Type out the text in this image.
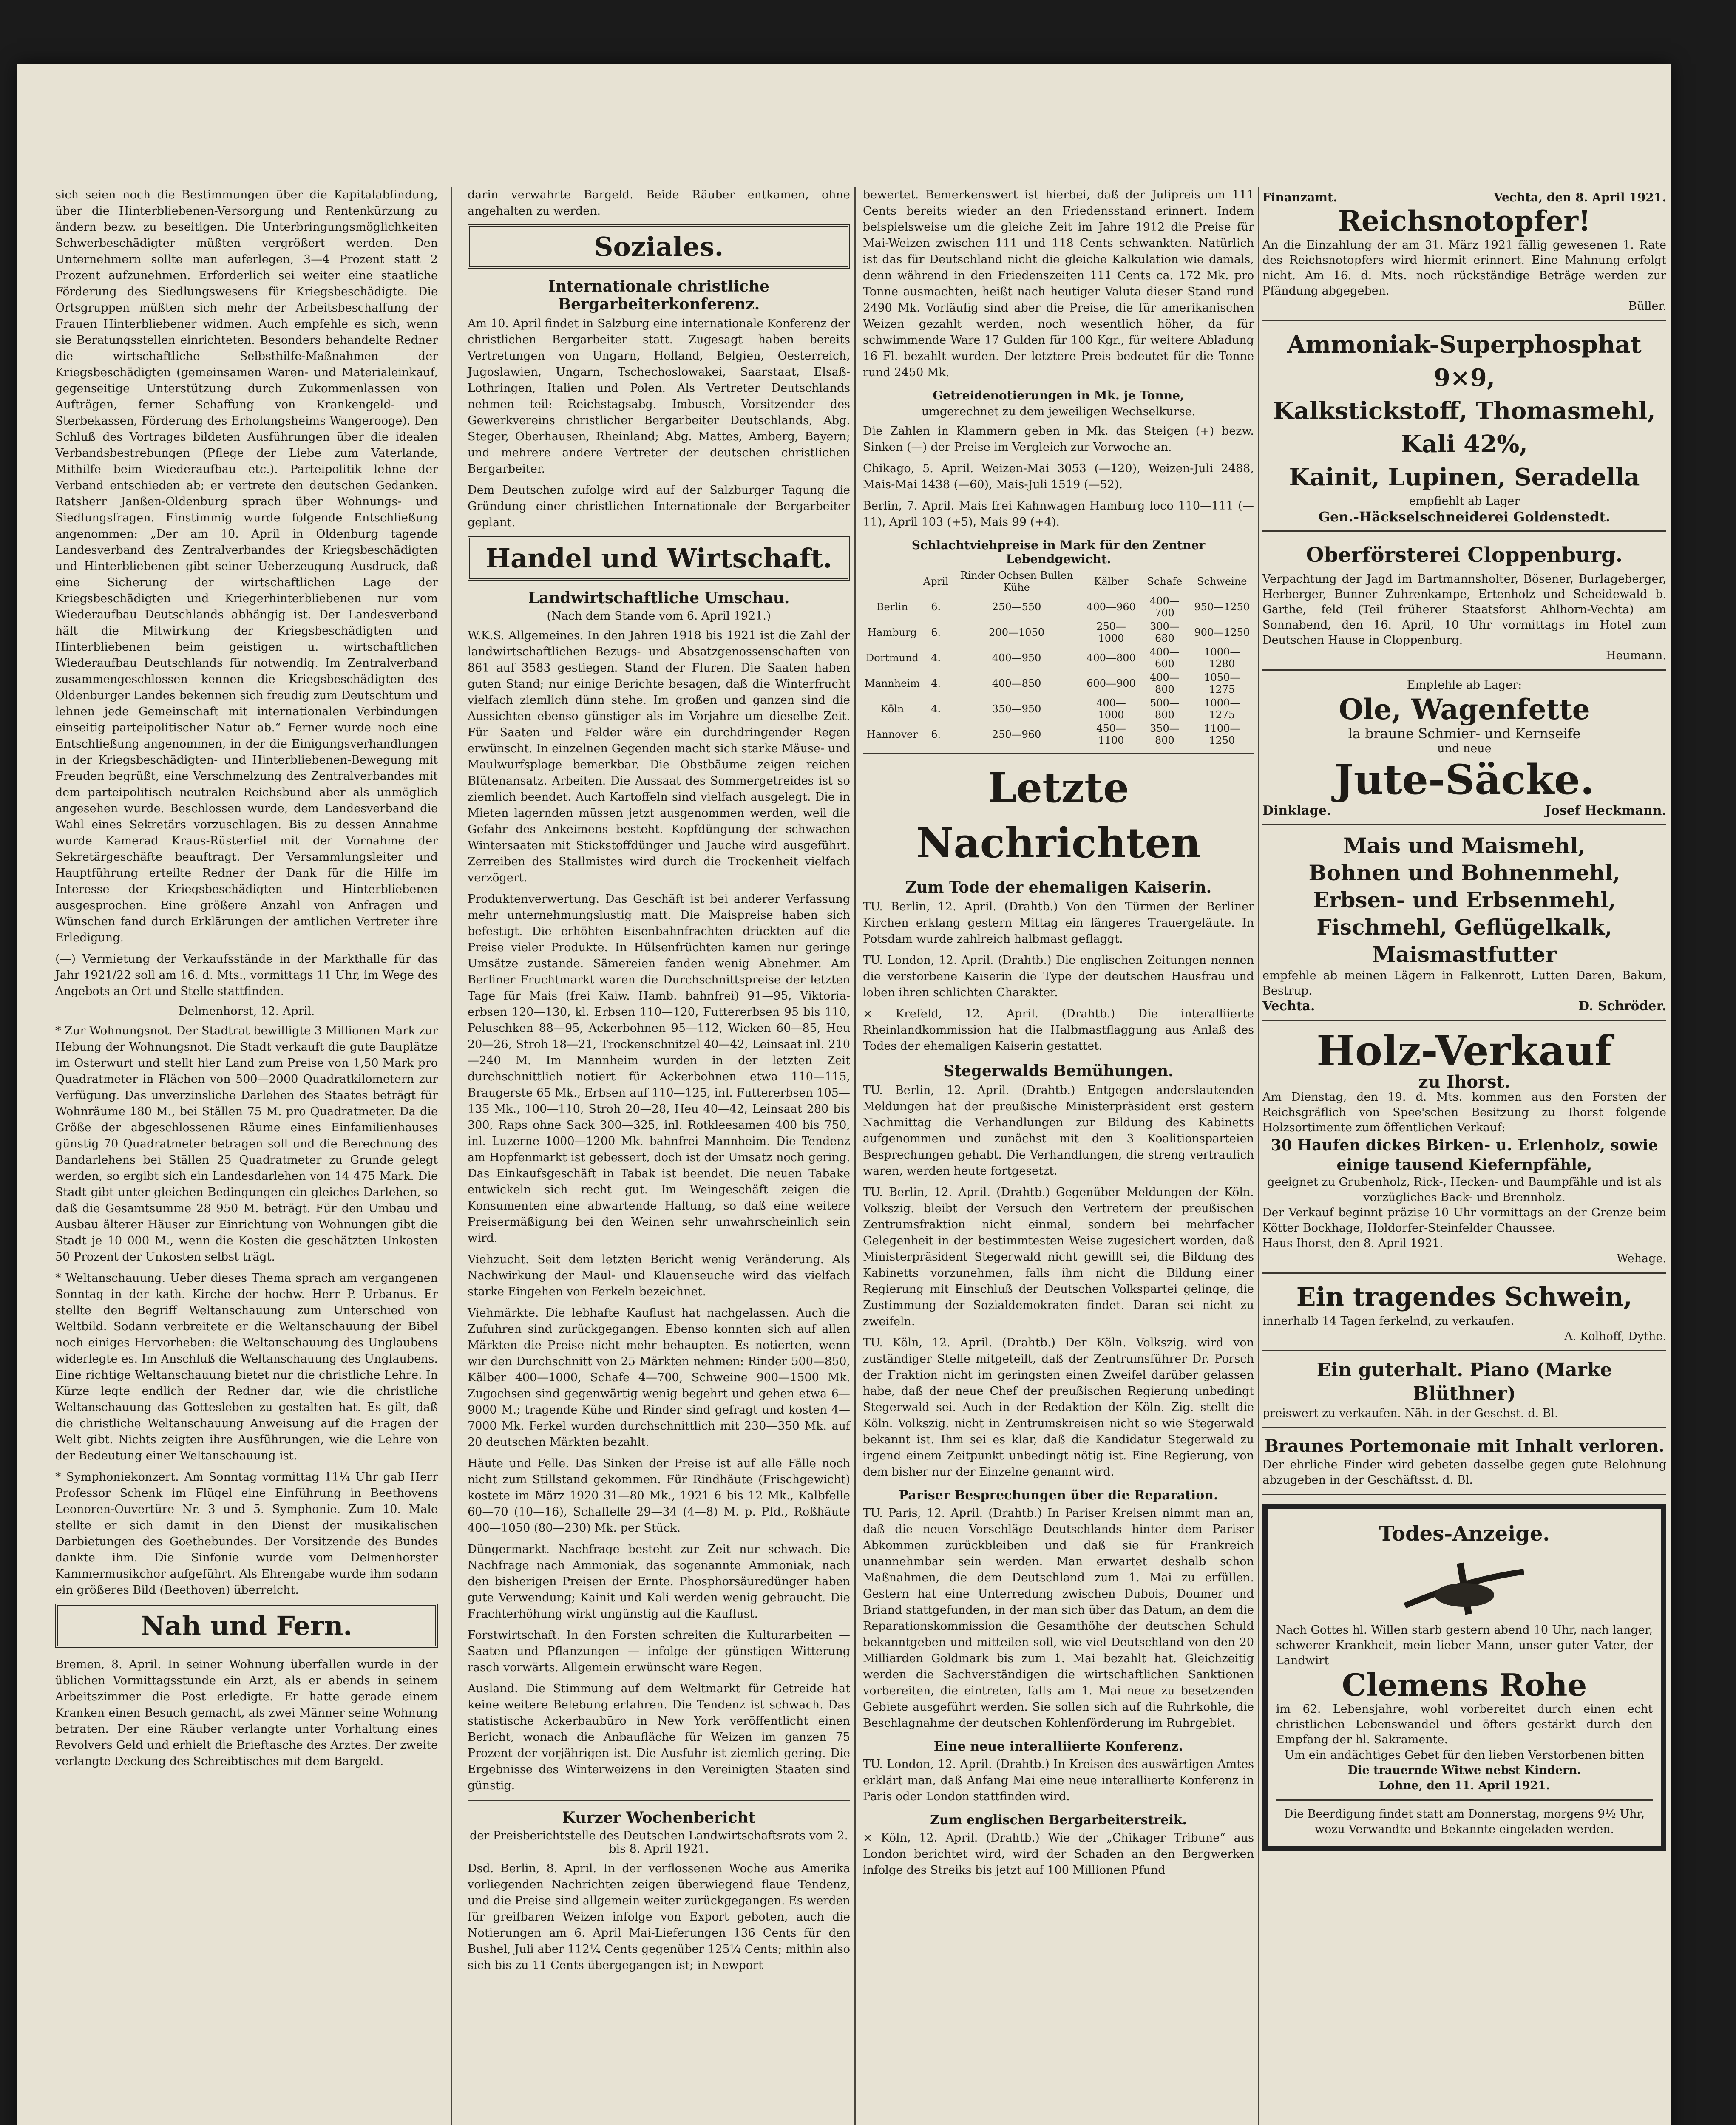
sich seien noch die Bestimmungen über die Kapitalabfindung, über die Hinterbliebenen-Versorgung und Rentenkürzung zu ändern bezw. zu beseitigen. Die Unterbringungsmöglichkeiten Schwerbeschädigter müßten vergrößert werden. Den Unternehmern sollte man auferlegen, 3—4 Prozent statt 2 Prozent aufzunehmen. Erforderlich sei weiter eine staatliche Förderung des Siedlungswesens für Kriegsbeschädigte. Die Ortsgruppen müßten sich mehr der Arbeitsbeschaffung der Frauen Hinterbliebener widmen. Auch empfehle es sich, wenn sie Beratungsstellen einrichteten. Besonders behandelte Redner die wirtschaftliche Selbsthilfe-Maßnahmen der Kriegsbeschädigten (gemeinsamen Waren- und Materialeinkauf, gegenseitige Unterstützung durch Zukommenlassen von Aufträgen, ferner Schaffung von Krankengeld- und Sterbekassen, Förderung des Erholungsheims Wangerooge). Den Schluß des Vortrages bildeten Ausführungen über die idealen Verbandsbestrebungen (Pflege der Liebe zum Vaterlande, Mithilfe beim Wiederaufbau etc.). Parteipolitik lehne der Verband entschieden ab; er vertrete den deutschen Gedanken. Ratsherr Janßen-Oldenburg sprach über Wohnungs- und Siedlungsfragen. Einstimmig wurde folgende Entschließung angenommen: „Der am 10. April in Oldenburg tagende Landesverband des Zentralverbandes der Kriegsbeschädigten und Hinterbliebenen gibt seiner Ueberzeugung Ausdruck, daß eine Sicherung der wirtschaftlichen Lage der Kriegsbeschädigten und Kriegerhinterbliebenen nur vom Wiederaufbau Deutschlands abhängig ist. Der Landesverband hält die Mitwirkung der Kriegsbeschädigten und Hinterbliebenen beim geistigen u. wirtschaftlichen Wiederaufbau Deutschlands für notwendig. Im Zentralverband zusammengeschlossen kennen die Kriegsbeschädigten des Oldenburger Landes bekennen sich freudig zum Deutschtum und lehnen jede Gemeinschaft mit internationalen Verbindungen einseitig parteipolitischer Natur ab.“ Ferner wurde noch eine Entschließung angenommen, in der die Einigungsverhandlungen in der Kriegsbeschädigten- und Hinterbliebenen-Bewegung mit Freuden begrüßt, eine Verschmelzung des Zentralverbandes mit dem parteipolitisch neutralen Reichsbund aber als unmöglich angesehen wurde. Beschlossen wurde, dem Landesverband die Wahl eines Sekretärs vorzuschlagen. Bis zu dessen Annahme wurde Kamerad Kraus-Rüsterfiel mit der Vornahme der Sekretärgeschäfte beauftragt. Der Versammlungsleiter und Hauptführung erteilte Redner der Dank für die Hilfe im Interesse der Kriegsbeschädigten und Hinterbliebenen ausgesprochen. Eine größere Anzahl von Anfragen und Wünschen fand durch Erklärungen der amtlichen Vertreter ihre Erledigung.

(—) Vermietung der Verkaufsstände in der Markthalle für das Jahr 1921/22 soll am 16. d. Mts., vormittags 11 Uhr, im Wege des Angebots an Ort und Stelle stattfinden.

Delmenhorst, 12. April.

* Zur Wohnungsnot. Der Stadtrat bewilligte 3 Millionen Mark zur Hebung der Wohnungsnot. Die Stadt verkauft die gute Bauplätze im Osterwurt und stellt hier Land zum Preise von 1,50 Mark pro Quadratmeter in Flächen von 500—2000 Quadratkilometern zur Verfügung. Das unverzinsliche Darlehen des Staates beträgt für Wohnräume 180 M., bei Ställen 75 M. pro Quadratmeter. Da die Größe der abgeschlossenen Räume eines Einfamilienhauses günstig 70 Quadratmeter betragen soll und die Berechnung des Bandarlehens bei Ställen 25 Quadratmeter zu Grunde gelegt werden, so ergibt sich ein Landesdarlehen von 14 475 Mark. Die Stadt gibt unter gleichen Bedingungen ein gleiches Darlehen, so daß die Gesamtsumme 28 950 M. beträgt. Für den Umbau und Ausbau älterer Häuser zur Einrichtung von Wohnungen gibt die Stadt je 10 000 M., wenn die Kosten die geschätzten Unkosten 50 Prozent der Unkosten selbst trägt.

* Weltanschauung. Ueber dieses Thema sprach am vergangenen Sonntag in der kath. Kirche der hochw. Herr P. Urbanus. Er stellte den Begriff Weltanschauung zum Unterschied von Weltbild. Sodann verbreitete er die Weltanschauung der Bibel noch einiges Hervorheben: die Weltanschauung des Unglaubens widerlegte es. Im Anschluß die Weltanschauung des Unglaubens. Eine richtige Weltanschauung bietet nur die christliche Lehre. In Kürze legte endlich der Redner dar, wie die christliche Weltanschauung das Gottesleben zu gestalten hat. Es gilt, daß die christliche Weltanschauung Anweisung auf die Fragen der Welt gibt. Nichts zeigten ihre Ausführungen, wie die Lehre von der Bedeutung einer Weltanschauung ist.

* Symphoniekonzert. Am Sonntag vormittag 11¼ Uhr gab Herr Professor Schenk im Flügel eine Einführung in Beethovens Leonoren-Ouvertüre Nr. 3 und 5. Symphonie. Zum 10. Male stellte er sich damit in den Dienst der musikalischen Darbietungen des Goethebundes. Der Vorsitzende des Bundes dankte ihm. Die Sinfonie wurde vom Delmenhorster Kammermusikchor aufgeführt. Als Ehrengabe wurde ihm sodann ein größeres Bild (Beethoven) überreicht.

Nah und Fern.

Bremen, 8. April. In seiner Wohnung überfallen wurde in der üblichen Vormittagsstunde ein Arzt, als er abends in seinem Arbeitszimmer die Post erledigte. Er hatte gerade einem Kranken einen Besuch gemacht, als zwei Männer seine Wohnung betraten. Der eine Räuber verlangte unter Vorhaltung eines Revolvers Geld und erhielt die Brieftasche des Arztes. Der zweite verlangte Deckung des Schreibtisches mit dem Bargeld.

darin verwahrte Bargeld. Beide Räuber entkamen, ohne angehalten zu werden.

Soziales.
Internationale christliche Bergarbeiterkonferenz.

Am 10. April findet in Salzburg eine internationale Konferenz der christlichen Bergarbeiter statt. Zugesagt haben bereits Vertretungen von Ungarn, Holland, Belgien, Oesterreich, Jugoslawien, Ungarn, Tschechoslowakei, Saarstaat, Elsaß-Lothringen, Italien und Polen. Als Vertreter Deutschlands nehmen teil: Reichstagsabg. Imbusch, Vorsitzender des Gewerkvereins christlicher Bergarbeiter Deutschlands, Abg. Steger, Oberhausen, Rheinland; Abg. Mattes, Amberg, Bayern; und mehrere andere Vertreter der deutschen christlichen Bergarbeiter.

Dem Deutschen zufolge wird auf der Salzburger Tagung die Gründung einer christlichen Internationale der Bergarbeiter geplant.

Handel und Wirtschaft.
Landwirtschaftliche Umschau.
(Nach dem Stande vom 6. April 1921.)

W.K.S. Allgemeines. In den Jahren 1918 bis 1921 ist die Zahl der landwirtschaftlichen Bezugs- und Absatzgenossenschaften von 861 auf 3583 gestiegen. Stand der Fluren. Die Saaten haben guten Stand; nur einige Berichte besagen, daß die Winterfrucht vielfach ziemlich dünn stehe. Im großen und ganzen sind die Aussichten ebenso günstiger als im Vorjahre um dieselbe Zeit. Für Saaten und Felder wäre ein durchdringender Regen erwünscht. In einzelnen Gegenden macht sich starke Mäuse- und Maulwurfsplage bemerkbar. Die Obstbäume zeigen reichen Blütenansatz. Arbeiten. Die Aussaat des Sommergetreides ist so ziemlich beendet. Auch Kartoffeln sind vielfach ausgelegt. Die in Mieten lagernden müssen jetzt ausgenommen werden, weil die Gefahr des Ankeimens besteht. Kopfdüngung der schwachen Wintersaaten mit Stickstoffdünger und Jauche wird ausgeführt. Zerreiben des Stallmistes wird durch die Trockenheit vielfach verzögert.

Produktenverwertung. Das Geschäft ist bei anderer Verfassung mehr unternehmungslustig matt. Die Maispreise haben sich befestigt. Die erhöhten Eisenbahnfrachten drückten auf die Preise vieler Produkte. In Hülsenfrüchten kamen nur geringe Umsätze zustande. Sämereien fanden wenig Abnehmer. Am Berliner Fruchtmarkt waren die Durchschnittspreise der letzten Tage für Mais (frei Kaiw. Hamb. bahnfrei) 91—95, Viktoria-erbsen 120—130, kl. Erbsen 110—120, Futtererbsen 95 bis 110, Peluschken 88—95, Ackerbohnen 95—112, Wicken 60—85, Heu 20—26, Stroh 18—21, Trockenschnitzel 40—42, Leinsaat inl. 210—240 M. Im Mannheim wurden in der letzten Zeit durchschnittlich notiert für Ackerbohnen etwa 110—115, Braugerste 65 Mk., Erbsen auf 110—125, inl. Futtererbsen 105—135 Mk., 100—110, Stroh 20—28, Heu 40—42, Leinsaat 280 bis 300, Raps ohne Sack 300—325, inl. Rotkleesamen 400 bis 750, inl. Luzerne 1000—1200 Mk. bahnfrei Mannheim. Die Tendenz am Hopfenmarkt ist gebessert, doch ist der Umsatz noch gering. Das Einkaufsgeschäft in Tabak ist beendet. Die neuen Tabake entwickeln sich recht gut. Im Weingeschäft zeigen die Konsumenten eine abwartende Haltung, so daß eine weitere Preisermäßigung bei den Weinen sehr unwahrscheinlich sein wird.

Viehzucht. Seit dem letzten Bericht wenig Veränderung. Als Nachwirkung der Maul- und Klauenseuche wird das vielfach starke Eingehen von Ferkeln bezeichnet.

Viehmärkte. Die lebhafte Kauflust hat nachgelassen. Auch die Zufuhren sind zurückgegangen. Ebenso konnten sich auf allen Märkten die Preise nicht mehr behaupten. Es notierten, wenn wir den Durchschnitt von 25 Märkten nehmen: Rinder 500—850, Kälber 400—1000, Schafe 4—700, Schweine 900—1500 Mk. Zugochsen sind gegenwärtig wenig begehrt und gehen etwa 6—9000 M.; tragende Kühe und Rinder sind gefragt und kosten 4—7000 Mk. Ferkel wurden durchschnittlich mit 230—350 Mk. auf 20 deutschen Märkten bezahlt.

Häute und Felle. Das Sinken der Preise ist auf alle Fälle noch nicht zum Stillstand gekommen. Für Rindhäute (Frischgewicht) kostete im März 1920 31—80 Mk., 1921 6 bis 12 Mk., Kalbfelle 60—70 (10—16), Schaffelle 29—34 (4—8) M. p. Pfd., Roßhäute 400—1050 (80—230) Mk. per Stück.

Düngermarkt. Nachfrage besteht zur Zeit nur schwach. Die Nachfrage nach Ammoniak, das sogenannte Ammoniak, nach den bisherigen Preisen der Ernte. Phosphorsäuredünger haben gute Verwendung; Kainit und Kali werden wenig gebraucht. Die Frachterhöhung wirkt ungünstig auf die Kauflust.

Forstwirtschaft. In den Forsten schreiten die Kulturarbeiten — Saaten und Pflanzungen — infolge der günstigen Witterung rasch vorwärts. Allgemein erwünscht wäre Regen.

Ausland. Die Stimmung auf dem Weltmarkt für Getreide hat keine weitere Belebung erfahren. Die Tendenz ist schwach. Das statistische Ackerbaubüro in New York veröffentlicht einen Bericht, wonach die Anbaufläche für Weizen im ganzen 75 Prozent der vorjährigen ist. Die Ausfuhr ist ziemlich gering. Die Ergebnisse des Winterweizens in den Vereinigten Staaten sind günstig.

Kurzer Wochenbericht
der Preisberichtstelle des Deutschen Landwirtschaftsrats vom 2. bis 8. April 1921.

Dsd. Berlin, 8. April. In der verflossenen Woche aus Amerika vorliegenden Nachrichten zeigen überwiegend flaue Tendenz, und die Preise sind allgemein weiter zurückgegangen. Es werden für greifbaren Weizen infolge von Export geboten, auch die Notierungen am 6. April Mai-Lieferungen 136 Cents für den Bushel, Juli aber 112¼ Cents gegenüber 125¼ Cents; mithin also sich bis zu 11 Cents übergegangen ist; in Newport

bewertet. Bemerkenswert ist hierbei, daß der Julipreis um 111 Cents bereits wieder an den Friedensstand erinnert. Indem beispielsweise um die gleiche Zeit im Jahre 1912 die Preise für Mai-Weizen zwischen 111 und 118 Cents schwankten. Natürlich ist das für Deutschland nicht die gleiche Kalkulation wie damals, denn während in den Friedenszeiten 111 Cents ca. 172 Mk. pro Tonne ausmachten, heißt nach heutiger Valuta dieser Stand rund 2490 Mk. Vorläufig sind aber die Preise, die für amerikanischen Weizen gezahlt werden, noch wesentlich höher, da für schwimmende Ware 17 Gulden für 100 Kgr., für weitere Abladung 16 Fl. bezahlt wurden. Der letztere Preis bedeutet für die Tonne rund 2450 Mk.

Getreidenotierungen in Mk. je Tonne,
umgerechnet zu dem jeweiligen Wechselkurse.

Die Zahlen in Klammern geben in Mk. das Steigen (+) bezw. Sinken (—) der Preise im Vergleich zur Vorwoche an.

Chikago, 5. April. Weizen-Mai 3053 (—120), Weizen-Juli 2488, Mais-Mai 1438 (—60), Mais-Juli 1519 (—52).

Berlin, 7. April. Mais frei Kahnwagen Hamburg loco 110—111 (—11), April 103 (+5), Mais 99 (+4).

Schlachtviehpreise in Mark für den Zentner Lebendgewicht.
	April	Rinder Ochsen Bullen Kühe	Kälber	Schafe	Schweine
Berlin	6.	250—550	400—960	400—700	950—1250
Hamburg	6.	200—1050	250—1000	300—680	900—1250
Dortmund	4.	400—950	400—800	400—600	1000—1280
Mannheim	4.	400—850	600—900	400—800	1050—1275
Köln	4.	350—950	400—1000	500—800	1000—1275
Hannover	6.	250—960	450—1100	350—800	1100—1250
Letzte Nachrichten
Zum Tode der ehemaligen Kaiserin.

TU. Berlin, 12. April. (Drahtb.) Von den Türmen der Berliner Kirchen erklang gestern Mittag ein längeres Trauergeläute. In Potsdam wurde zahlreich halbmast geflaggt.

TU. London, 12. April. (Drahtb.) Die englischen Zeitungen nennen die verstorbene Kaiserin die Type der deutschen Hausfrau und loben ihren schlichten Charakter.

× Krefeld, 12. April. (Drahtb.) Die interalliierte Rheinlandkommission hat die Halbmastflaggung aus Anlaß des Todes der ehemaligen Kaiserin gestattet.

Stegerwalds Bemühungen.

TU. Berlin, 12. April. (Drahtb.) Entgegen anderslautenden Meldungen hat der preußische Ministerpräsident erst gestern Nachmittag die Verhandlungen zur Bildung des Kabinetts aufgenommen und zunächst mit den 3 Koalitionsparteien Besprechungen gehabt. Die Verhandlungen, die streng vertraulich waren, werden heute fortgesetzt.

TU. Berlin, 12. April. (Drahtb.) Gegenüber Meldungen der Köln. Volkszig. bleibt der Versuch den Vertretern der preußischen Zentrumsfraktion nicht einmal, sondern bei mehrfacher Gelegenheit in der bestimmtesten Weise zugesichert worden, daß Ministerpräsident Stegerwald nicht gewillt sei, die Bildung des Kabinetts vorzunehmen, falls ihm nicht die Bildung einer Regierung mit Einschluß der Deutschen Volkspartei gelinge, die Zustimmung der Sozialdemokraten findet. Daran sei nicht zu zweifeln.

TU. Köln, 12. April. (Drahtb.) Der Köln. Volkszig. wird von zuständiger Stelle mitgeteilt, daß der Zentrumsführer Dr. Porsch der Fraktion nicht im geringsten einen Zweifel darüber gelassen habe, daß der neue Chef der preußischen Regierung unbedingt Stegerwald sei. Auch in der Redaktion der Köln. Zig. stellt die Köln. Volkszig. nicht in Zentrumskreisen nicht so wie Stegerwald bekannt ist. Ihm sei es klar, daß die Kandidatur Stegerwald zu irgend einem Zeitpunkt unbedingt nötig ist. Eine Regierung, von dem bisher nur der Einzelne genannt wird.

Pariser Besprechungen über die Reparation.

TU. Paris, 12. April. (Drahtb.) In Pariser Kreisen nimmt man an, daß die neuen Vorschläge Deutschlands hinter dem Pariser Abkommen zurückbleiben und daß sie für Frankreich unannehmbar sein werden. Man erwartet deshalb schon Maßnahmen, die dem Deutschland zum 1. Mai zu erfüllen. Gestern hat eine Unterredung zwischen Dubois, Doumer und Briand stattgefunden, in der man sich über das Datum, an dem die Reparationskommission die Gesamthöhe der deutschen Schuld bekanntgeben und mitteilen soll, wie viel Deutschland von den 20 Milliarden Goldmark bis zum 1. Mai bezahlt hat. Gleichzeitig werden die Sachverständigen die wirtschaftlichen Sanktionen vorbereiten, die eintreten, falls am 1. Mai neue zu besetzenden Gebiete ausgeführt werden. Sie sollen sich auf die Ruhrkohle, die Beschlagnahme der deutschen Kohlenförderung im Ruhrgebiet.

Eine neue interalliierte Konferenz.

TU. London, 12. April. (Drahtb.) In Kreisen des auswärtigen Amtes erklärt man, daß Anfang Mai eine neue interalliierte Konferenz in Paris oder London stattfinden wird.

Zum englischen Bergarbeiterstreik.

× Köln, 12. April. (Drahtb.) Wie der „Chikager Tribune“ aus London berichtet wird, wird der Schaden an den Bergwerken infolge des Streiks bis jetzt auf 100 Millionen Pfund

Finanzamt.	Vechta, den 8. April 1921.
Reichsnotopfer!
An die Einzahlung der am 31. März 1921 fällig gewesenen 1. Rate des Reichsnotopfers wird hiermit erinnert. Eine Mahnung erfolgt nicht. Am 16. d. Mts. noch rückständige Beträge werden zur Pfändung abgegeben.
Büller.
Ammoniak-Superphosphat 9×9,
Kalkstickstoff, Thomasmehl,
Kali 42%,
Kainit, Lupinen, Seradella
empfiehlt ab Lager
Gen.-Häckselschneiderei Goldenstedt.
Oberförsterei Cloppenburg.
Verpachtung der Jagd im Bartmannsholter, Bösener, Burlageberger, Herberger, Bunner Zuhrenkampe, Ertenholz und Scheidewald b. Garthe, feld (Teil früherer Staatsforst Ahlhorn-Vechta) am Sonnabend, den 16. April, 10 Uhr vormittags im Hotel zum Deutschen Hause in Cloppenburg.
Heumann.
Empfehle ab Lager:
Ole, Wagenfette
la braune Schmier- und Kernseife
und neue
Jute-Säcke.
Dinklage.	Josef Heckmann.
Mais und Maismehl,
Bohnen und Bohnenmehl,
Erbsen- und Erbsenmehl,
Fischmehl, Geflügelkalk,
Maismastfutter
empfehle ab meinen Lägern in Falkenrott, Lutten Daren, Bakum, Bestrup.
Vechta.	D. Schröder.
Holz-Verkauf
zu Ihorst.
Am Dienstag, den 19. d. Mts. kommen aus den Forsten der Reichsgräflich von Spee'schen Besitzung zu Ihorst folgende Holzsortimente zum öffentlichen Verkauf:
30 Haufen dickes Birken- u. Erlenholz, sowie einige tausend Kiefernpfähle,
geeignet zu Grubenholz, Rick-, Hecken- und Baumpfähle und ist als vorzügliches Back- und Brennholz.
Der Verkauf beginnt präzise 10 Uhr vormittags an der Grenze beim Kötter Bockhage, Holdorfer-Steinfelder Chaussee.
Haus Ihorst, den 8. April 1921.
Wehage.
Ein tragendes Schwein,
innerhalb 14 Tagen ferkelnd, zu verkaufen.
A. Kolhoff, Dythe.
Ein guterhalt. Piano (Marke Blüthner)
preiswert zu verkaufen. Näh. in der Geschst. d. Bl.
Braunes Portemonaie mit Inhalt verloren.
Der ehrliche Finder wird gebeten dasselbe gegen gute Belohnung abzugeben in der Geschäftsst. d. Bl.
Todes-Anzeige.
Nach Gottes hl. Willen starb gestern abend 10 Uhr, nach langer, schwerer Krankheit, mein lieber Mann, unser guter Vater, der Landwirt
Clemens Rohe
im 62. Lebensjahre, wohl vorbereitet durch einen echt christlichen Lebenswandel und öfters gestärkt durch den Empfang der hl. Sakramente.
Um ein andächtiges Gebet für den lieben Verstorbenen bitten
Die trauernde Witwe nebst Kindern.
Lohne, den 11. April 1921.
Die Beerdigung findet statt am Donnerstag, morgens 9½ Uhr, wozu Verwandte und Bekannte eingeladen werden.
